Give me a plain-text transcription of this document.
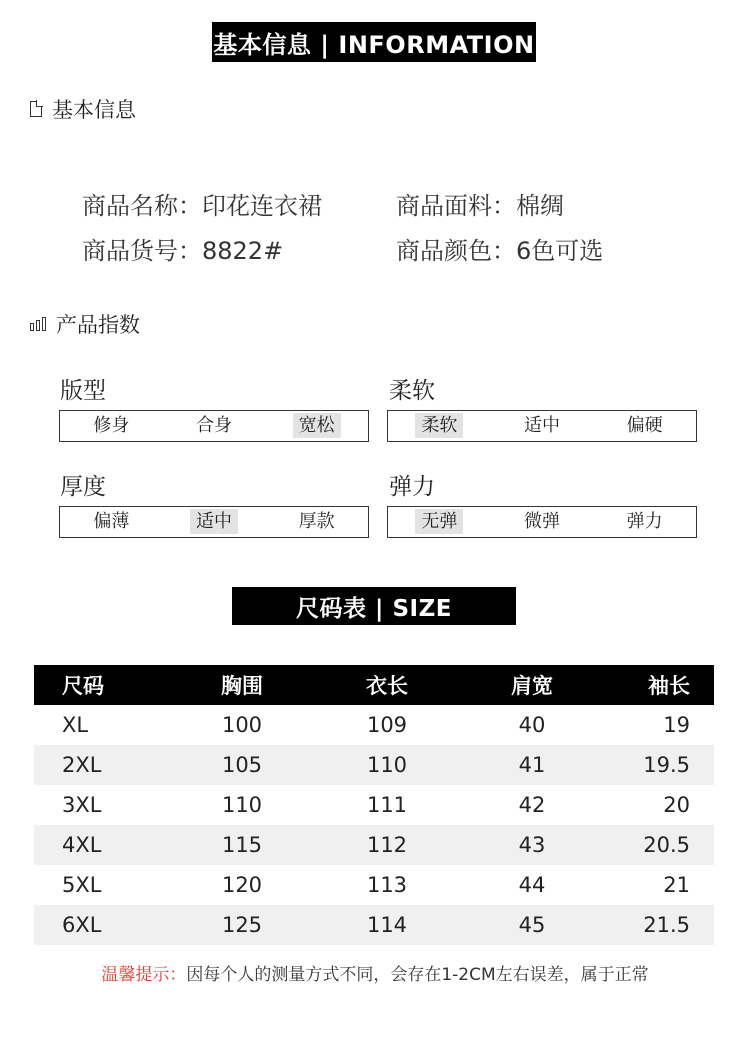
基本信息 | INFORMATION
基本信息
商品名称：印花连衣裙	商品面料：棉绸
商品货号：8822#	商品颜色：6色可选
产品指数
版型
修身	合身	宽松
柔软
柔软	适中	偏硬
厚度
偏薄	适中	厚款
弹力
无弹	微弹	弹力
尺码表 | SIZE
尺码	胸围	衣长	肩宽	袖长
XL	100	109	40	19
2XL	105	110	41	19.5
3XL	110	111	42	20
4XL	115	112	43	20.5
5XL	120	113	44	21
6XL	125	114	45	21.5
温馨提示：因每个人的测量方式不同，会存在1-2CM左右误差，属于正常
